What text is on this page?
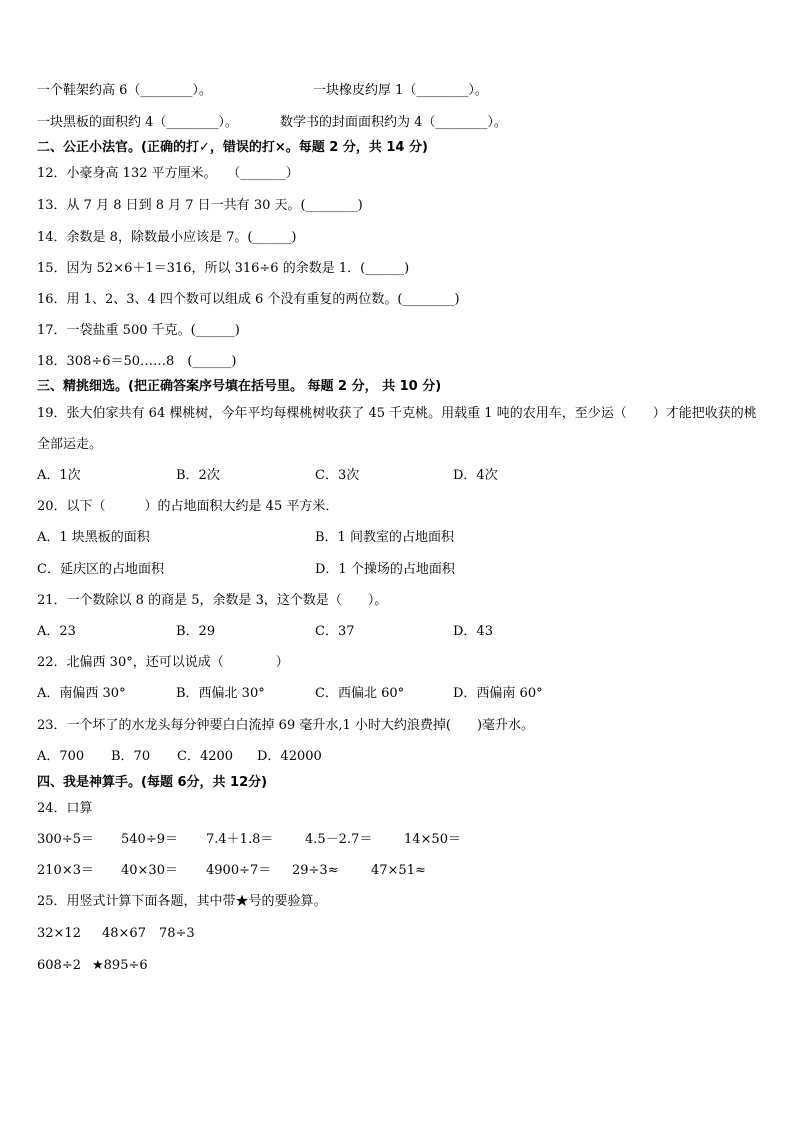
一个鞋架约高 6（________）。	一块橡皮约厚 1（________）。
一块黑板的面积约 4（________）。	数学书的封面面积约为 4（________）。
二、公正小法官。(正确的打✓，错误的打×。每题 2 分，共 14 分)
12．小豪身高 132 平方厘米。　 （_______）
13．从 7 月 8 日到 8 月 7 日一共有 30 天。(________)
14．余数是 8，除数最小应该是 7。(______)
15．因为 52×6＋1＝316，所以 316÷6 的余数是 1．(______)
16．用 1、2、3、4 四个数可以组成 6 个没有重复的两位数。(________)
17．一袋盐重 500 千克。(______)
18．308÷6＝50……8　(______)
三、精挑细选。(把正确答案序号填在括号里。 每题 2 分， 共 10 分)
19．张大伯家共有 64 棵桃树，今年平均每棵桃树收获了 45 千克桃。用载重 1 吨的农用车，至少运（　　）才能把收获的桃全部运走。
A．1次	B．2次	C．3次	D．4次
20．以下（　　　）的占地面积大约是 45 平方米．
A．1 块黑板的面积	B．1 间教室的占地面积
C．延庆区的占地面积	D．1 个操场的占地面积
21．一个数除以 8 的商是 5，余数是 3，这个数是（　　）。
A．23	B．29	C．37	D．43
22．北偏西 30°，还可以说成（　　　　）
A．南偏西 30°	B．西偏北 30°	C．西偏北 60°	D．西偏南 60°
23．一个坏了的水龙头每分钟要白白流掉 69 毫升水,1 小时大约浪费掉(　　)毫升水。
A．700 B．70 C．4200 D．42000
四、我是神算手。(每题 6分，共 12分)
24．口算
300÷5＝ 540÷9＝ 7.4＋1.8＝ 4.5－2.7＝ 14×50＝
210×3＝ 40×30＝ 4900÷7＝ 29÷3≈ 47×51≈
25．用竖式计算下面各题，其中带★号的要验算。
32×12 48×67 78÷3
608÷2 ★895÷6
